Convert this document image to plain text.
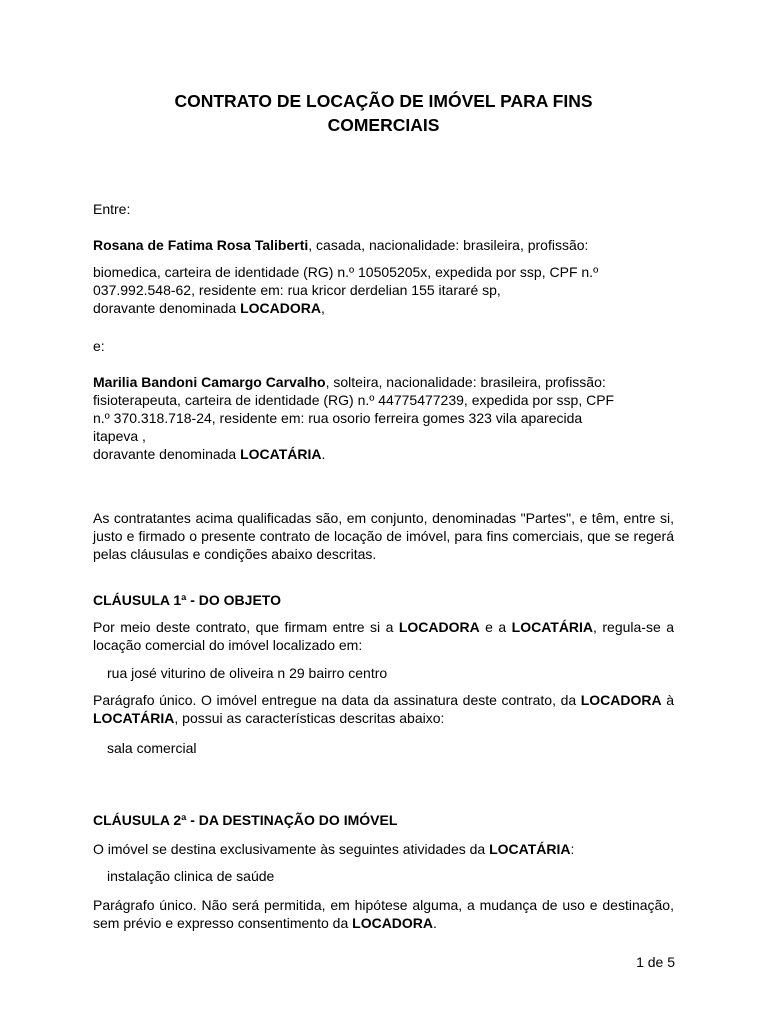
CONTRATO DE LOCAÇÃO DE IMÓVEL PARA FINS
COMERCIAIS

Entre:

Rosana de Fatima Rosa Taliberti, casada, nacionalidade: brasileira, profissão:

biomedica, carteira de identidade (RG) n.º 10505205x, expedida por ssp, CPF n.º

037.992.548-62, residente em: rua kricor derdelian 155 itararé sp,

doravante denominada LOCADORA,

e:

Marilia Bandoni Camargo Carvalho, solteira, nacionalidade: brasileira, profissão:

fisioterapeuta, carteira de identidade (RG) n.º 44775477239, expedida por ssp, CPF

n.º 370.318.718-24, residente em: rua osorio ferreira gomes 323 vila aparecida

itapeva ,

doravante denominada LOCATÁRIA.

As contratantes acima qualificadas são, em conjunto, denominadas "Partes", e têm, entre si, justo e firmado o presente contrato de locação de imóvel, para fins comerciais, que se regerá pelas cláusulas e condições abaixo descritas.

CLÁUSULA 1ª - DO OBJETO

Por meio deste contrato, que firmam entre si a LOCADORA e a LOCATÁRIA, regula-se a locação comercial do imóvel localizado em:

rua josé viturino de oliveira n 29 bairro centro

Parágrafo único. O imóvel entregue na data da assinatura deste contrato, da LOCADORA à LOCATÁRIA, possui as características descritas abaixo:

sala comercial

CLÁUSULA 2ª - DA DESTINAÇÃO DO IMÓVEL

O imóvel se destina exclusivamente às seguintes atividades da LOCATÁRIA:

instalação clinica de saúde

Parágrafo único. Não será permitida, em hipótese alguma, a mudança de uso e destinação, sem prévio e expresso consentimento da LOCADORA.

1 de 5
